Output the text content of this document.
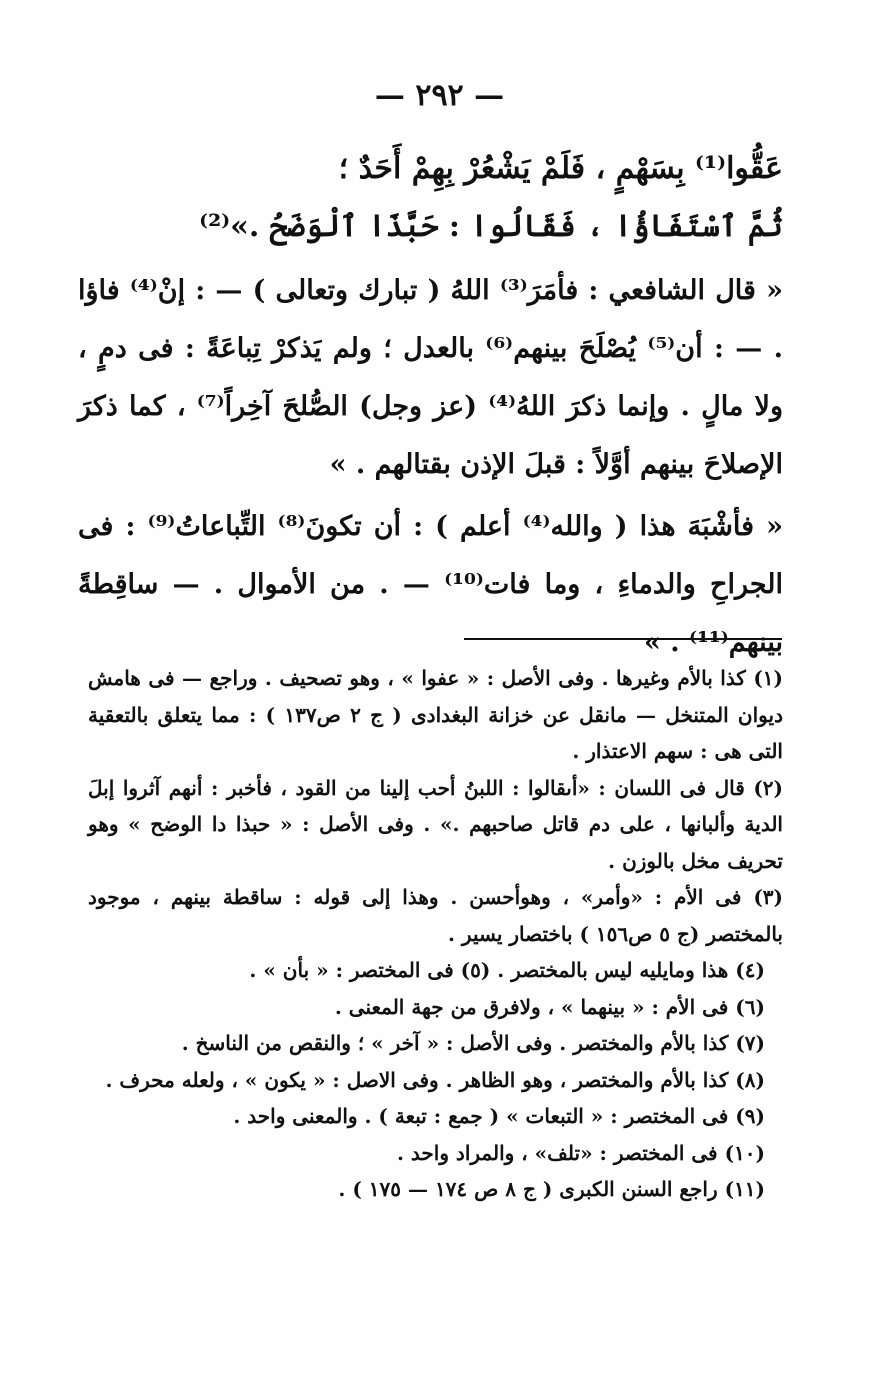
— ٢٩٢ —

عَقُّوا⁽¹⁾ بِسَهْمٍ ، فَلَمْ يَشْعُرْ بِهِمْ أَحَدٌ ؛

ثُمَّ ٱسْتَفَاؤُا ، فَقَالُوا : حَبَّذَا ٱلْوَضَحُ .»⁽²⁾

« قال الشافعي : فأمَرَ⁽³⁾ اللهُ ( تبارك وتعالى ) — : إنْ⁽⁴⁾ فاؤا . — : أن⁽⁵⁾ يُصْلَحَ بينهم⁽⁶⁾ بالعدل ؛ ولم يَذكرْ تِباعَةً : فى دمٍ ، ولا مالٍ . وإنما ذكرَ اللهُ⁽⁴⁾ (عز وجل) الصُّلحَ آخِراً⁽⁷⁾ ، كما ذكرَ الإصلاحَ بينهم أوَّلاً : قبلَ الإذن بقتالهم . »

« فأشْبَهَ هذا ( والله⁽⁴⁾ أعلم ) : أن تكونَ⁽⁸⁾ التِّباعاتُ⁽⁹⁾ : فى الجراحِ والدماءِ ، وما فات⁽¹⁰⁾ — . من الأموال . — ساقِطةً بينهم⁽¹¹⁾ . »

(١) كذا بالأم وغيرها . وفى الأصل : « عفوا » ، وهو تصحيف . وراجع — فى هامش ديوان المتنخل — مانقل عن خزانة البغدادى ( ج ٢ ص١٣٧ ) : مما يتعلق بالتعقية التى هى : سهم الاعتذار .

(٢) قال فى اللسان : «أىقالوا : اللبنُ أحب إلينا من القود ، فأخبر : أنهم آثروا إبلَ الدية وألبانها ، على دم قاتل صاحبهم .» . وفى الأصل : « حبذا دا الوضح » وهو تحريف مخل بالوزن .

(٣) فى الأم : «وأمر» ، وهوأحسن . وهذا إلى قوله : ساقطة بينهم ، موجود بالمختصر (ج ٥ ص١٥٦ ) باختصار يسير .

(٤) هذا ومايليه ليس بالمختصر . (٥) فى المختصر : « بأن » .

(٦) فى الأم : « بينهما » ، ولافرق من جهة المعنى .

(٧) كذا بالأم والمختصر . وفى الأصل : « آخر » ؛ والنقص من الناسخ .

(٨) كذا بالأم والمختصر ، وهو الظاهر . وفى الاصل : « يكون » ، ولعله محرف .

(٩) فى المختصر : « التبعات » ( جمع : تبعة ) . والمعنى واحد .

(١٠) فى المختصر : «تلف» ، والمراد واحد .

(١١) راجع السنن الكبرى ( ج ٨ ص ١٧٤ — ١٧٥ ) .
